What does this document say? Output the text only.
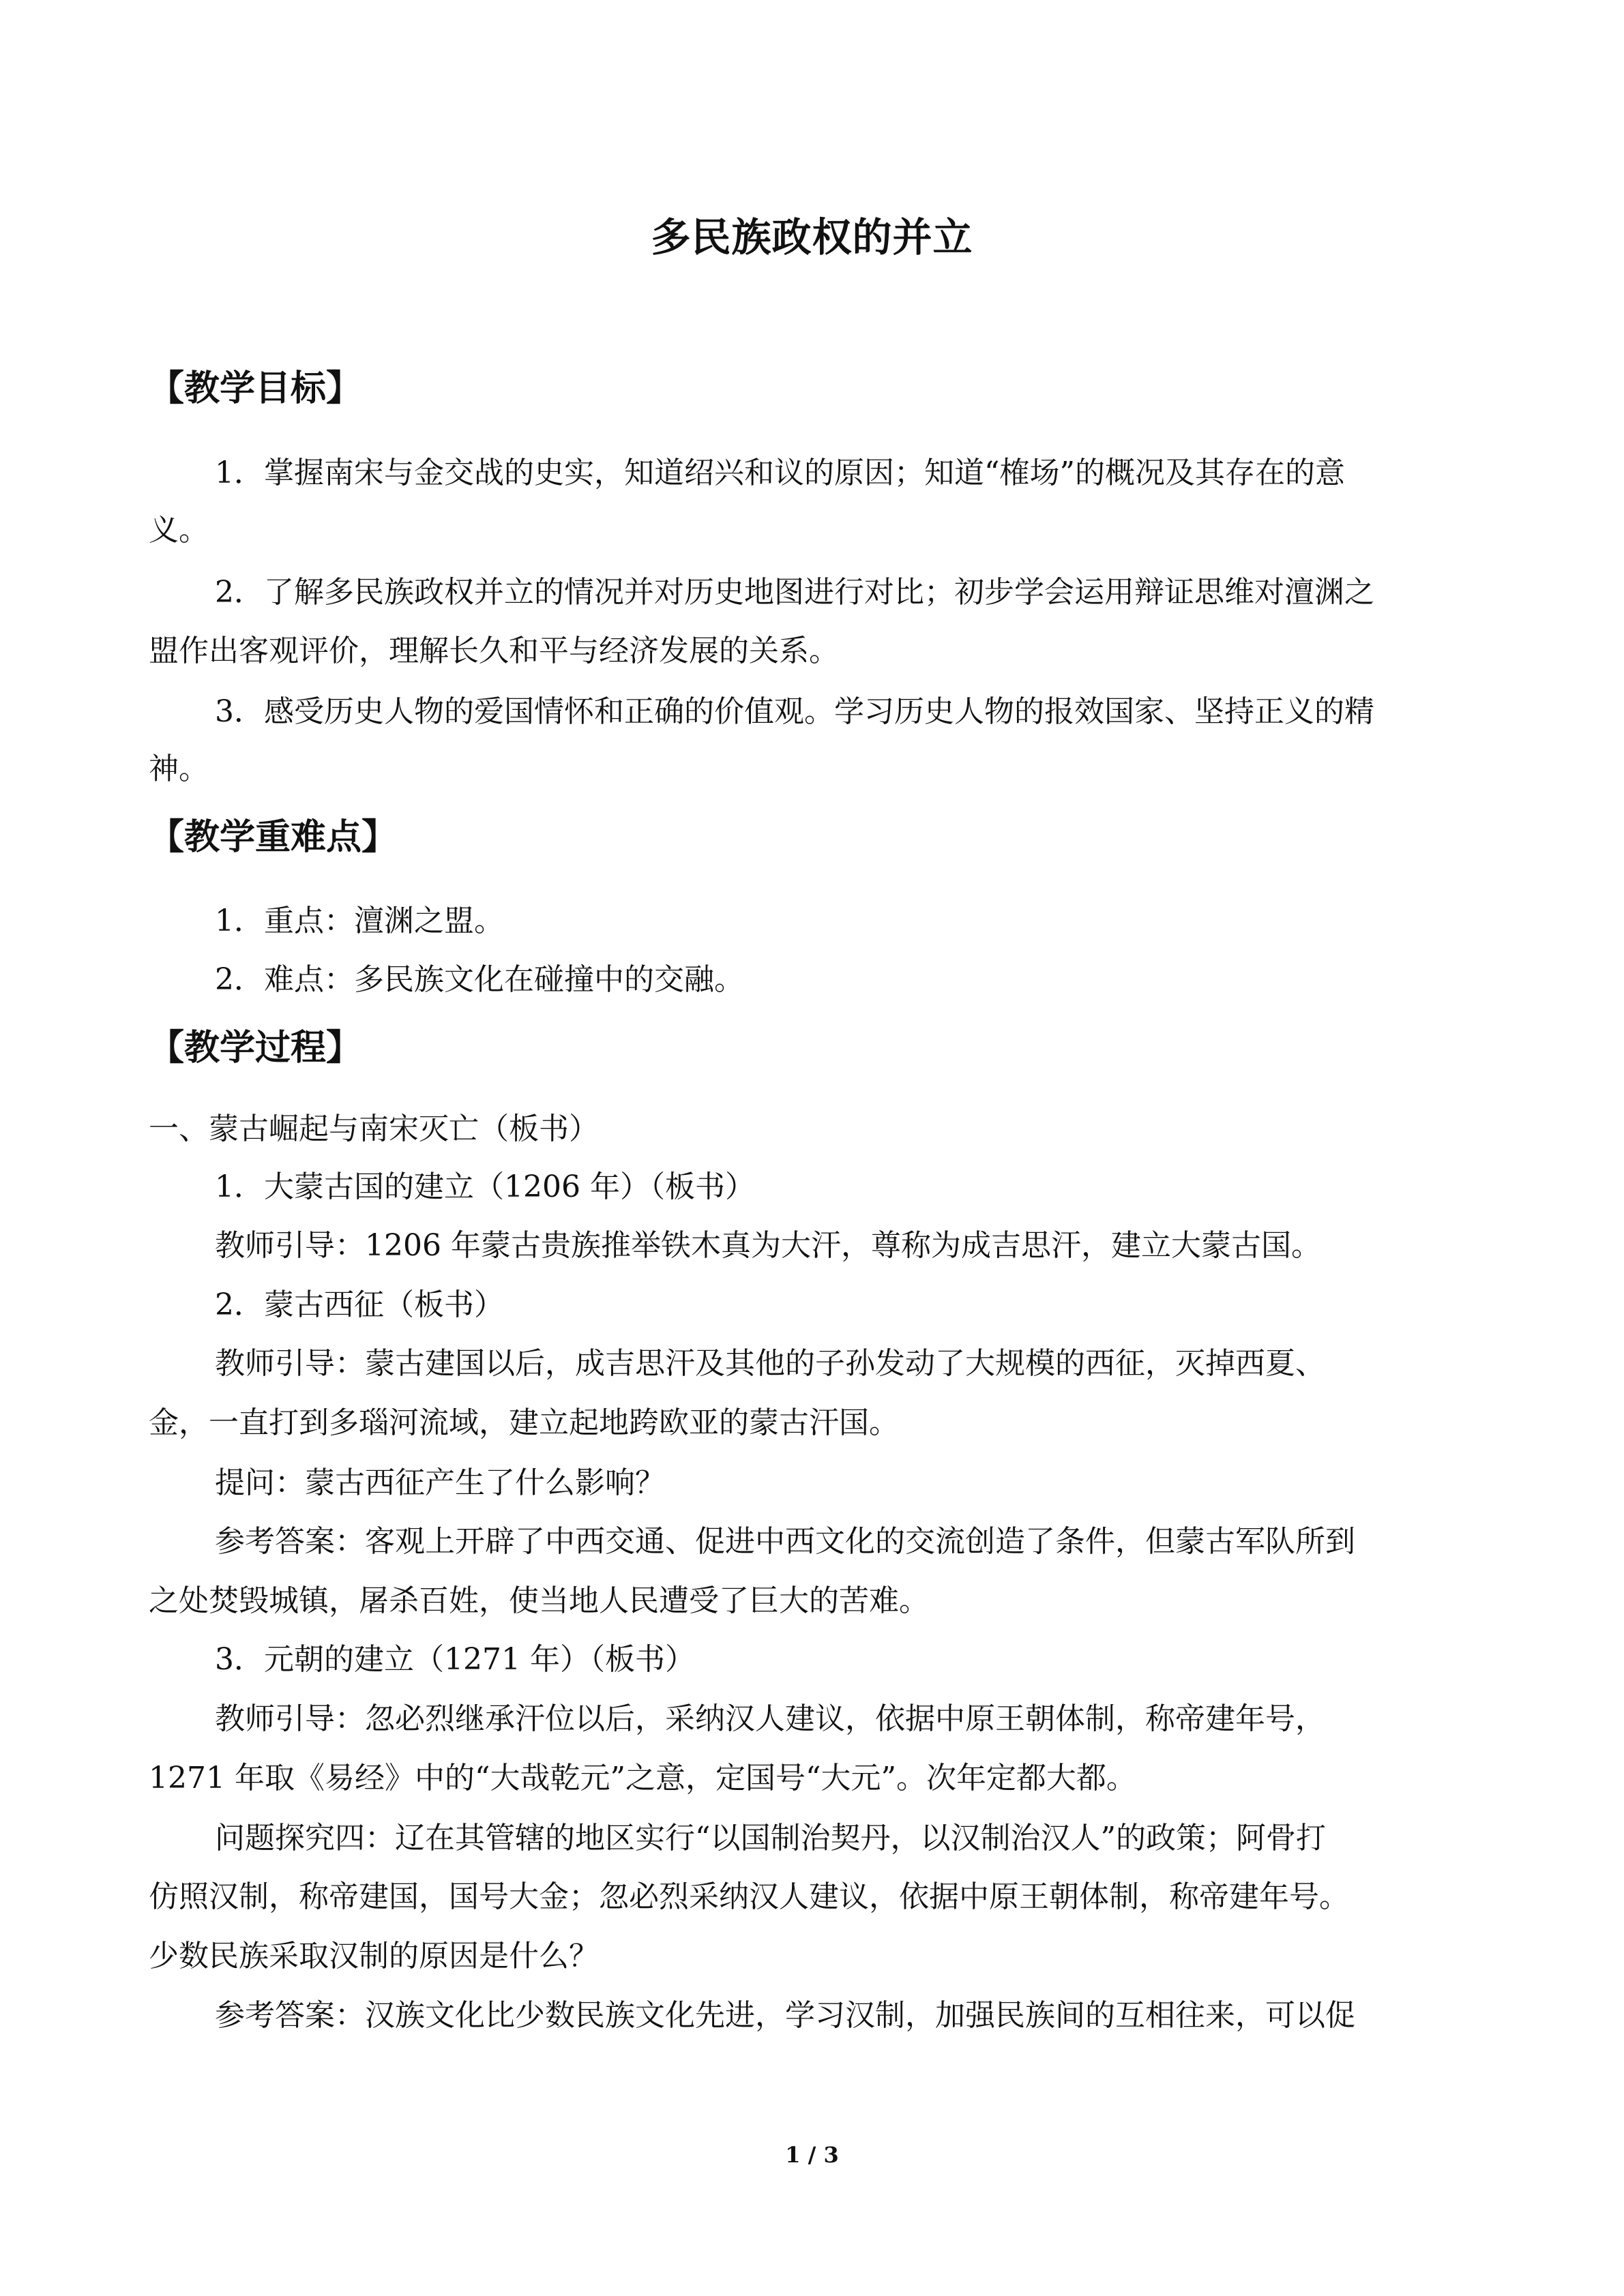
多民族政权的并立
【教学目标】
1．掌握南宋与金交战的史实，知道绍兴和议的原因；知道“榷场”的概况及其存在的意
义。
2．了解多民族政权并立的情况并对历史地图进行对比；初步学会运用辩证思维对澶渊之
盟作出客观评价，理解长久和平与经济发展的关系。
3．感受历史人物的爱国情怀和正确的价值观。学习历史人物的报效国家、坚持正义的精
神。
【教学重难点】
1．重点：澶渊之盟。
2．难点：多民族文化在碰撞中的交融。
【教学过程】
一、蒙古崛起与南宋灭亡（板书）
1．大蒙古国的建立（1206 年）（板书）
教师引导：1206 年蒙古贵族推举铁木真为大汗，尊称为成吉思汗，建立大蒙古国。
2．蒙古西征（板书）
教师引导：蒙古建国以后，成吉思汗及其他的子孙发动了大规模的西征，灭掉西夏、
金，一直打到多瑙河流域，建立起地跨欧亚的蒙古汗国。
提问：蒙古西征产生了什么影响？
参考答案：客观上开辟了中西交通、促进中西文化的交流创造了条件，但蒙古军队所到
之处焚毁城镇，屠杀百姓，使当地人民遭受了巨大的苦难。
3．元朝的建立（1271 年）（板书）
教师引导：忽必烈继承汗位以后，采纳汉人建议，依据中原王朝体制，称帝建年号，
1271 年取《易经》中的“大哉乾元”之意，定国号“大元”。次年定都大都。
问题探究四：辽在其管辖的地区实行“以国制治契丹，以汉制治汉人”的政策；阿骨打
仿照汉制，称帝建国，国号大金；忽必烈采纳汉人建议，依据中原王朝体制，称帝建年号。
少数民族采取汉制的原因是什么？
参考答案：汉族文化比少数民族文化先进，学习汉制，加强民族间的互相往来，可以促
1 / 3
